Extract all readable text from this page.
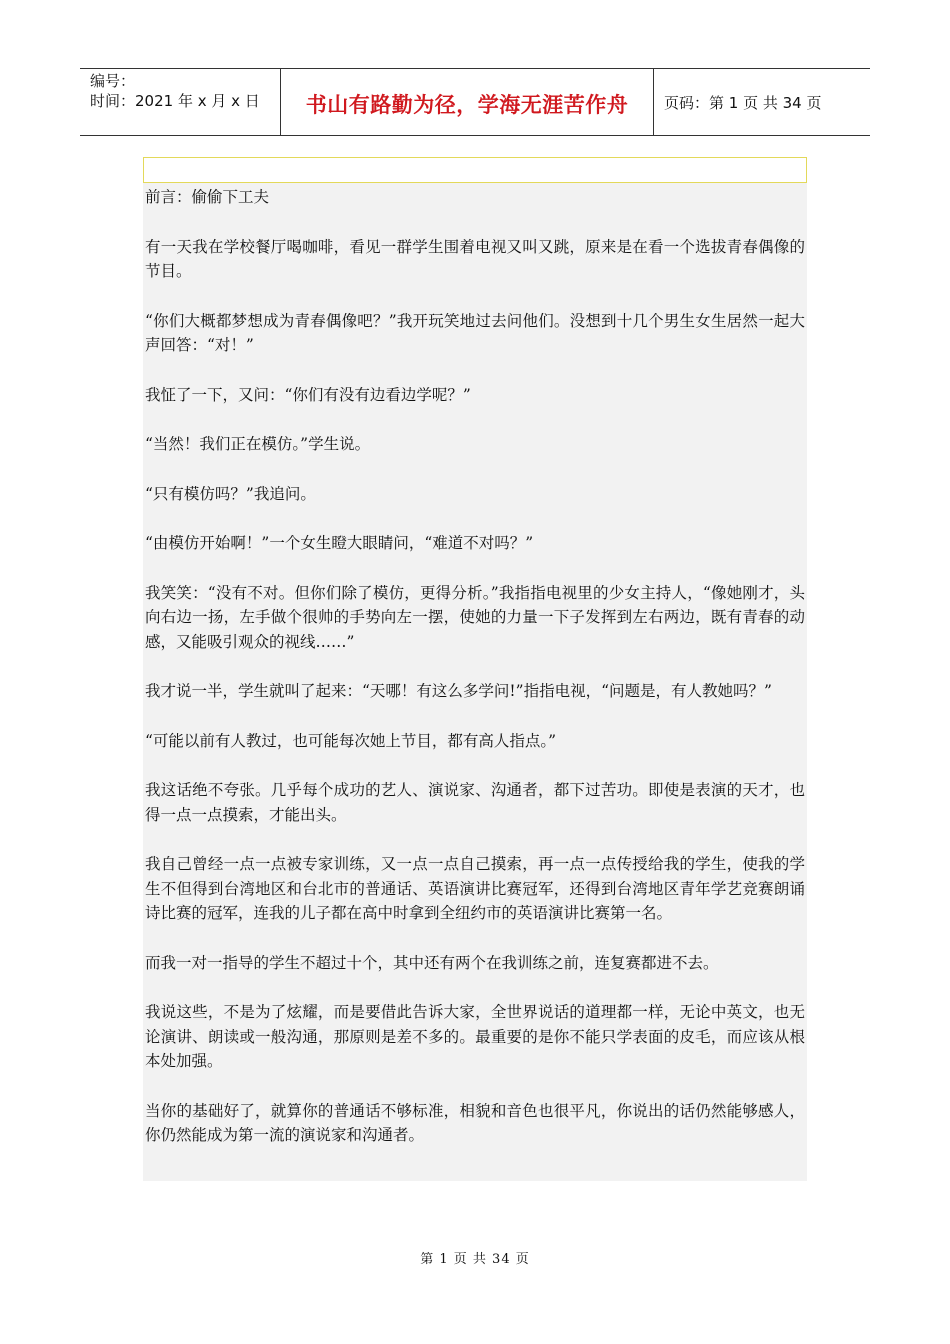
编号：
时间：2021 年 x 月 x 日	书山有路勤为径，学海无涯苦作舟 页码：第 1 页 共 34 页

前言：偷偷下工夫

有一天我在学校餐厅喝咖啡，看见一群学生围着电视又叫又跳，原来是在看一个选拔青春偶像的节目。

“你们大概都梦想成为青春偶像吧？”我开玩笑地过去问他们。没想到十几个男生女生居然一起大声回答：“对！”

我怔了一下，又问：“你们有没有边看边学呢？”

“当然！我们正在模仿。”学生说。

“只有模仿吗？”我追问。

“由模仿开始啊！”一个女生瞪大眼睛问，“难道不对吗？”

我笑笑：“没有不对。但你们除了模仿，更得分析。”我指指电视里的少女主持人，“像她刚才，头向右边一扬，左手做个很帅的手势向左一摆，使她的力量一下子发挥到左右两边，既有青春的动感，又能吸引观众的视线……”

我才说一半，学生就叫了起来：“天哪！有这么多学问!”指指电视，“问题是，有人教她吗？”

“可能以前有人教过，也可能每次她上节目，都有高人指点。”

我这话绝不夸张。几乎每个成功的艺人、演说家、沟通者，都下过苦功。即使是表演的天才，也得一点一点摸索，才能出头。

我自己曾经一点一点被专家训练，又一点一点自己摸索，再一点一点传授给我的学生，使我的学生不但得到台湾地区和台北市的普通话、英语演讲比赛冠军，还得到台湾地区青年学艺竞赛朗诵诗比赛的冠军，连我的儿子都在高中时拿到全纽约市的英语演讲比赛第一名。

而我一对一指导的学生不超过十个，其中还有两个在我训练之前，连复赛都进不去。

我说这些，不是为了炫耀，而是要借此告诉大家，全世界说话的道理都一样，无论中英文，也无论演讲、朗读或一般沟通，那原则是差不多的。最重要的是你不能只学表面的皮毛，而应该从根本处加强。

当你的基础好了，就算你的普通话不够标准，相貌和音色也很平凡，你说出的话仍然能够感人，你仍然能成为第一流的演说家和沟通者。

第 1 页 共 34 页
